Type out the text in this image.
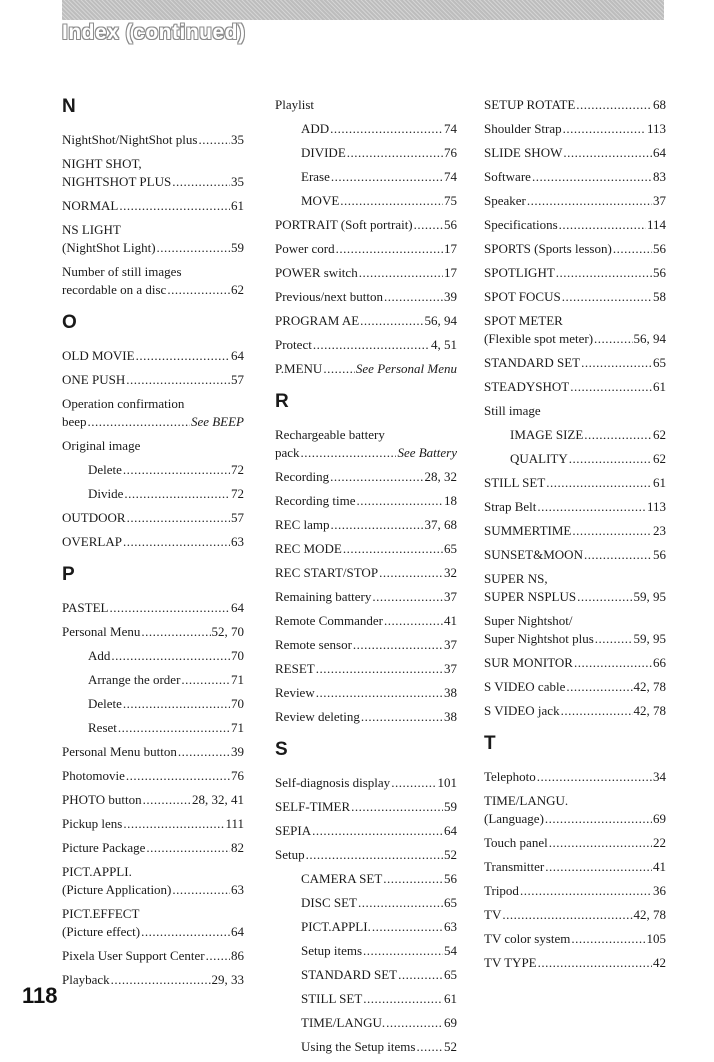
Index (continued)
N
NightShot/NightShot plus .....	35
NIGHT SHOT,
NIGHTSHOT PLUS .....	35
NORMAL .....	61
NS LIGHT
(NightShot Light) .....	59
Number of still images
recordable on a disc .....	62
O
OLD MOVIE .....	64
ONE PUSH .....	57
Operation confirmation
beep .....	See BEEP
Original image
Delete .....	72
Divide .....	72
OUTDOOR .....	57
OVERLAP .....	63
P
PASTEL .....	64
Personal Menu .....	52, 70
Add .....	70
Arrange the order .....	71
Delete .....	70
Reset .....	71
Personal Menu button .....	39
Photomovie .....	76
PHOTO button .....	28, 32, 41
Pickup lens .....	111
Picture Package .....	82
PICT.APPLI.
(Picture Application) .....	63
PICT.EFFECT
(Picture effect) .....	64
Pixela User Support Center ..... 86
Playback .....	29, 33
Playlist
ADD .....	74
DIVIDE .....	76
Erase .....	74
MOVE .....	75
PORTRAIT (Soft portrait) ..... 56
Power cord .....	17
POWER switch .....	17
Previous/next button .....	39
PROGRAM AE .....	56, 94
Protect .....	4, 51
P.MENU .....	See Personal Menu
R
Rechargeable battery
pack .....	See Battery
Recording .....	28, 32
Recording time .....	18
REC lamp .....	37, 68
REC MODE .....	65
REC START/STOP .....	32
Remaining battery .....	37
Remote Commander .....	41
Remote sensor .....	37
RESET .....	37
Review .....	38
Review deleting .....	38
S
Self-diagnosis display .....	101
SELF-TIMER .....	59
SEPIA .....	64
Setup .....	52
CAMERA SET .....	56
DISC SET .....	65
PICT.APPLI. .....	63
Setup items .....	54
STANDARD SET .....	65
STILL SET .....	61
TIME/LANGU. .....	69
Using the Setup items ..... 52
SETUP ROTATE .....	68
Shoulder Strap .....	113
SLIDE SHOW .....	64
Software .....	83
Speaker .....	37
Specifications .....	114
SPORTS (Sports lesson) .....	56
SPOTLIGHT .....	56
SPOT FOCUS .....	58
SPOT METER
(Flexible spot meter) .....	56, 94
STANDARD SET .....	65
STEADYSHOT .....	61
Still image
IMAGE SIZE .....	62
QUALITY .....	62
STILL SET .....	61
Strap Belt .....	113
SUMMERTIME .....	23
SUNSET&MOON .....	56
SUPER NS,
SUPER NSPLUS .....	59, 95
Super Nightshot/
Super Nightshot plus .....	59, 95
SUR MONITOR .....	66
S VIDEO cable .....	42, 78
S VIDEO jack .....	42, 78
T
Telephoto .....	34
TIME/LANGU.
(Language) .....	69
Touch panel .....	22
Transmitter .....	41
Tripod .....	36
TV .....	42, 78
TV color system .....	105
TV TYPE .....	42
118
